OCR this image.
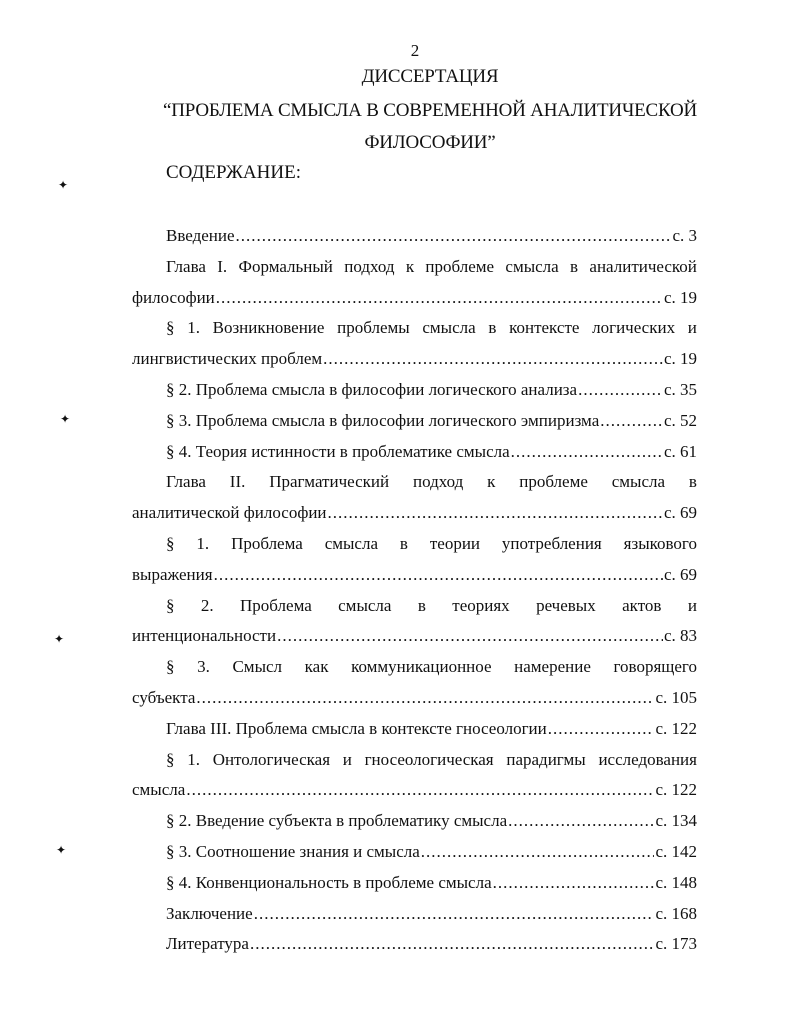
2
ДИССЕРТАЦИЯ
“ПРОБЛЕМА СМЫСЛА В СОВРЕМЕННОЙ АНАЛИТИЧЕСКОЙ
ФИЛОСОФИИ”
СОДЕРЖАНИЕ:
Введение .....	с. 3
Глава I. Формальный подход к проблеме смысла в аналитической
философии .....	с. 19
§ 1. Возникновение проблемы смысла в контексте логических и
лингвистических проблем .....	с. 19
§ 2. Проблема смысла в философии логического анализа .....	с. 35
§ 3. Проблема смысла в философии логического эмпиризма .....	с. 52
§ 4. Теория истинности в проблематике смысла .....	с. 61
Глава II. Прагматический подход к проблеме смысла в
аналитической философии .....	с. 69
§ 1. Проблема смысла в теории употребления языкового
выражения .....	с. 69
§ 2. Проблема смысла в теориях речевых актов и
интенциональности .....	с. 83
§ 3. Смысл как коммуникационное намерение говорящего
субъекта .....	с. 105
Глава III. Проблема смысла в контексте гносеологии .....	с. 122
§ 1. Онтологическая и гносеологическая парадигмы исследования
смысла .....	с. 122
§ 2. Введение субъекта в проблематику смысла .....	с. 134
§ 3. Соотношение знания и смысла .....	с. 142
§ 4. Конвенциональность в проблеме смысла .....	с. 148
Заключение .....	с. 168
Литература .....	с. 173
✦
✦
✦
✦
